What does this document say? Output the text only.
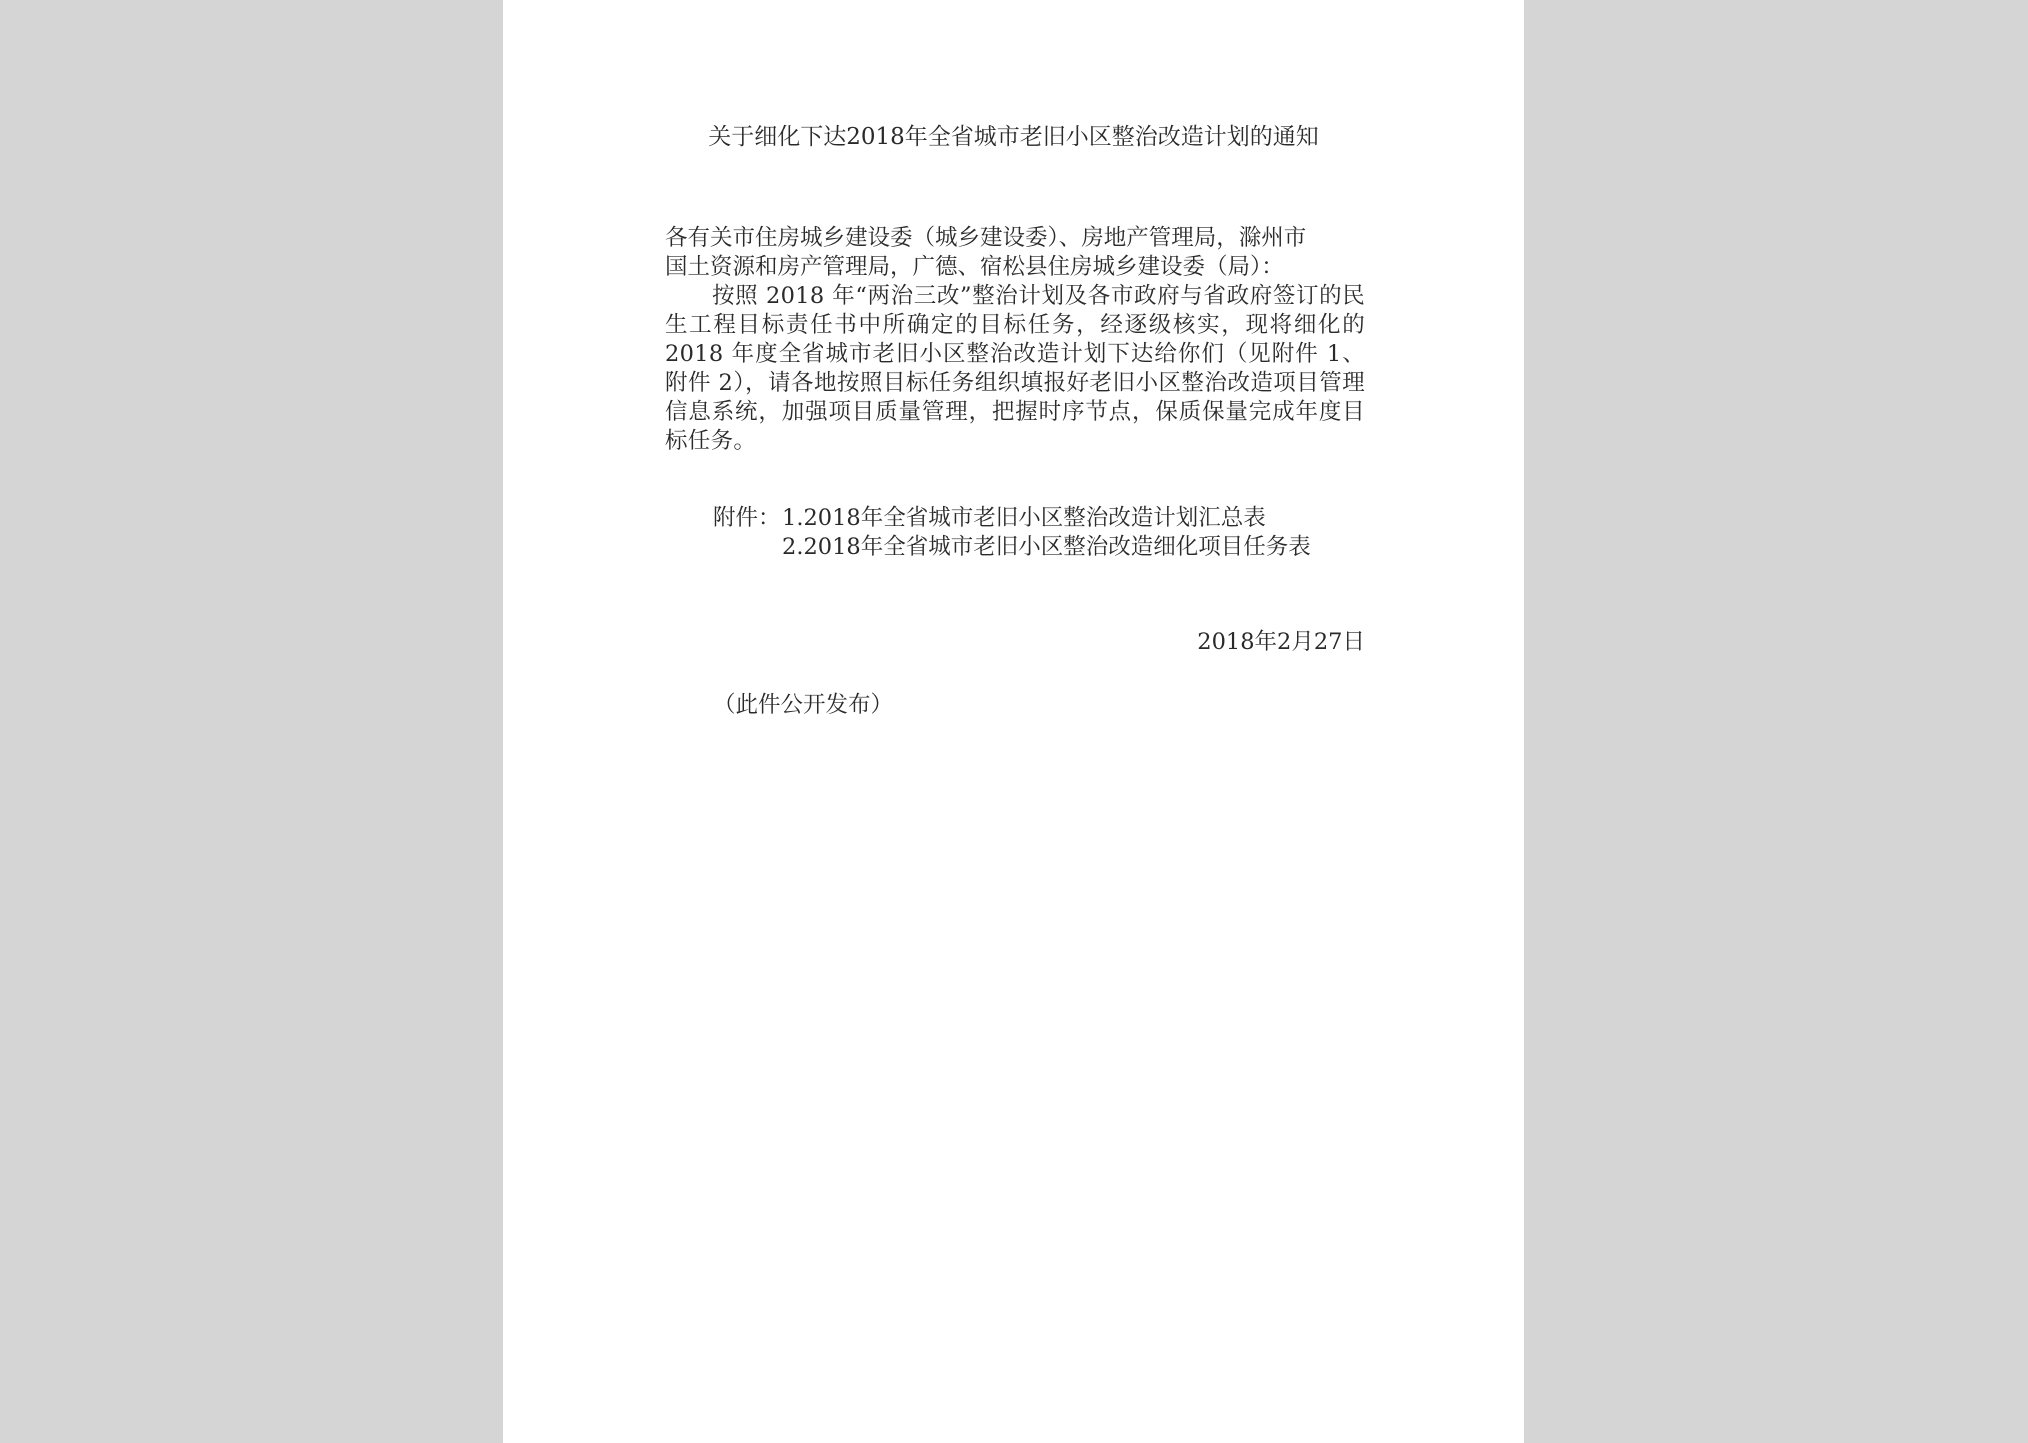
关于细化下达2018年全省城市老旧小区整治改造计划的通知
各有关市住房城乡建设委（城乡建设委）、房地产管理局，滁州市
国土资源和房产管理局，广德、宿松县住房城乡建设委（局）：
按照 2018 年“两治三改”整治计划及各市政府与省政府签订的民生工程目标责任书中所确定的目标任务，经逐级核实，现将细化的 2018 年度全省城市老旧小区整治改造计划下达给你们（见附件 1、附件 2），请各地按照目标任务组织填报好老旧小区整治改造项目管理信息系统，加强项目质量管理，把握时序节点，保质保量完成年度目标任务。
附件： 1.2018年全省城市老旧小区整治改造计划汇总表
2.2018年全省城市老旧小区整治改造细化项目任务表
2018年2月27日
（此件公开发布）
